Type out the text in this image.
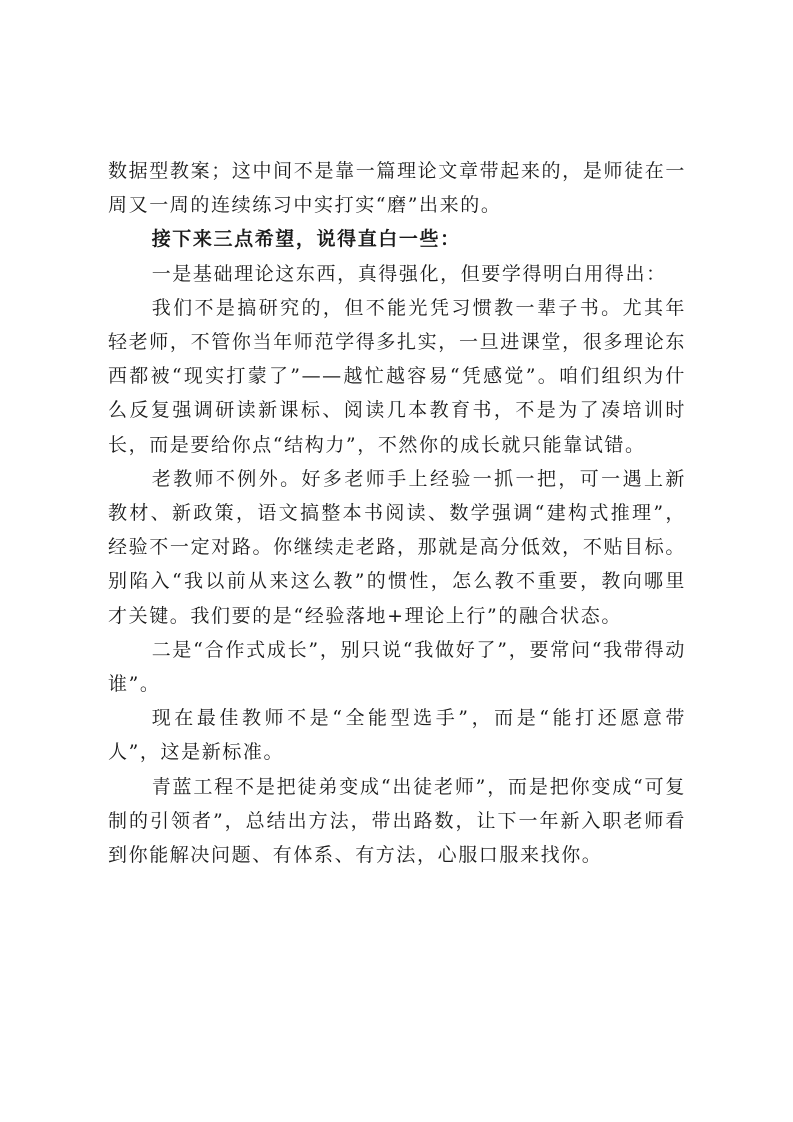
数据型教案；这中间不是靠一篇理论文章带起来的，是师徒在一周又一周的连续练习中实打实“磨”出来的。

接下来三点希望，说得直白一些：

一是基础理论这东西，真得强化，但要学得明白用得出：

我们不是搞研究的，但不能光凭习惯教一辈子书。尤其年轻老师，不管你当年师范学得多扎实，一旦进课堂，很多理论东西都被“现实打蒙了”——越忙越容易“凭感觉”。咱们组织为什么反复强调研读新课标、阅读几本教育书，不是为了凑培训时长，而是要给你点“结构力”，不然你的成长就只能靠试错。

老教师不例外。好多老师手上经验一抓一把，可一遇上新教材、新政策，语文搞整本书阅读、数学强调“建构式推理”，经验不一定对路。你继续走老路，那就是高分低效，不贴目标。别陷入“我以前从来这么教”的惯性，怎么教不重要，教向哪里才关键。我们要的是“经验落地+理论上行”的融合状态。

二是“合作式成长”，别只说“我做好了”，要常问“我带得动谁”。

现在最佳教师不是“全能型选手”，而是“能打还愿意带人”，这是新标准。

青蓝工程不是把徒弟变成“出徒老师”，而是把你变成“可复制的引领者”，总结出方法，带出路数，让下一年新入职老师看到你能解决问题、有体系、有方法，心服口服来找你。
